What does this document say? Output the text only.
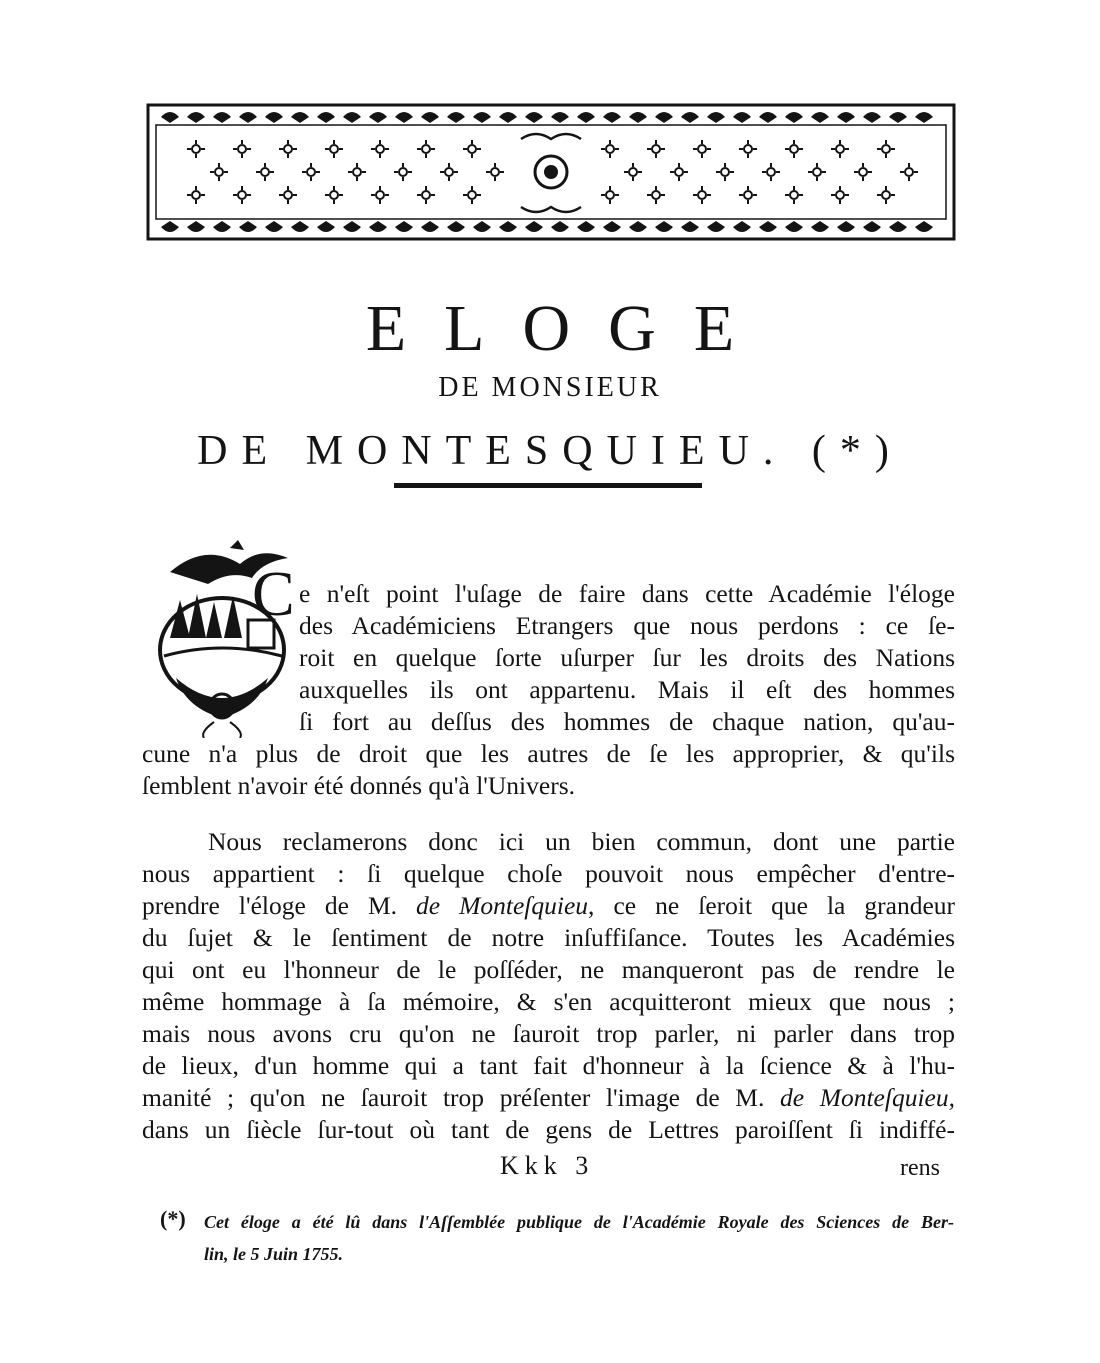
ELOGE
DE MONSIEUR
DE MONTESQUIEU. (*)
C e n'eſt point l'uſage de faire dans cette Académie l'éloge
des Académiciens Etrangers que nous perdons : ce ſe-
roit en quelque ſorte uſurper ſur les droits des Nations
auxquelles ils ont appartenu. Mais il eſt des hommes
ſi fort au deſſus des hommes de chaque nation, qu'au-
cune n'a plus de droit que les autres de ſe les approprier, & qu'ils
ſemblent n'avoir été donnés qu'à l'Univers.
Nous reclamerons donc ici un bien commun, dont une partie
nous appartient : ſi quelque choſe pouvoit nous empêcher d'entre-
prendre l'éloge de M. de Monteſquieu, ce ne ſeroit que la grandeur
du ſujet & le ſentiment de notre inſuffiſance. Toutes les Académies
qui ont eu l'honneur de le poſſéder, ne manqueront pas de rendre le
même hommage à ſa mémoire, & s'en acquitteront mieux que nous ;
mais nous avons cru qu'on ne ſauroit trop parler, ni parler dans trop
de lieux, d'un homme qui a tant fait d'honneur à la ſcience & à l'hu-
manité ; qu'on ne ſauroit trop préſenter l'image de M. de Monteſquieu,
dans un ſiècle ſur-tout où tant de gens de Lettres paroiſſent ſi indiffé-
Kkk 3	rens
(*)	Cet éloge a été lû dans l'Aſſemblée publique de l'Académie Royale des Sciences de Ber-
lin, le 5 Juin 1755.
